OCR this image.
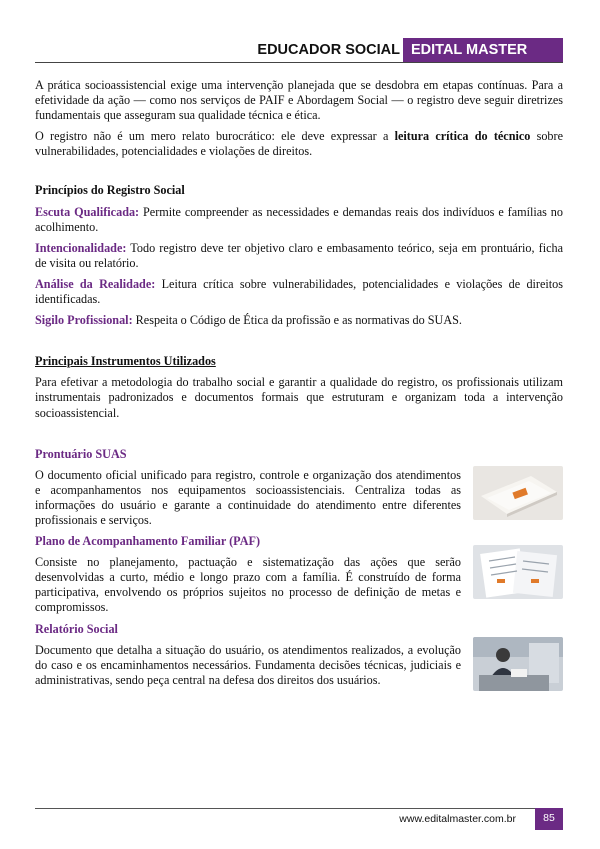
EDUCADOR SOCIAL EDITAL MASTER

A prática socioassistencial exige uma intervenção planejada que se desdobra em etapas contínuas. Para a efetividade da ação — como nos serviços de PAIF e Abordagem Social — o registro deve seguir diretrizes fundamentais que asseguram sua qualidade técnica e ética.

O registro não é um mero relato burocrático: ele deve expressar a leitura crítica do técnico sobre vulnerabilidades, potencialidades e violações de direitos.

Princípios do Registro Social

Escuta Qualificada: Permite compreender as necessidades e demandas reais dos indivíduos e famílias no acolhimento.

Intencionalidade: Todo registro deve ter objetivo claro e embasamento teórico, seja em prontuário, ficha de visita ou relatório.

Análise da Realidade: Leitura crítica sobre vulnerabilidades, potencialidades e violações de direitos identificadas.

Sigilo Profissional: Respeita o Código de Ética da profissão e as normativas do SUAS.

Principais Instrumentos Utilizados

Para efetivar a metodologia do trabalho social e garantir a qualidade do registro, os profissionais utilizam instrumentais padronizados e documentos formais que estruturam e organizam toda a intervenção socioassistencial.

Prontuário SUAS

O documento oficial unificado para registro, controle e organização dos atendimentos e acompanhamentos nos equipamentos socioassistenciais. Centraliza todas as informações do usuário e garante a continuidade do atendimento entre diferentes profissionais e serviços.

Plano de Acompanhamento Familiar (PAF)

Consiste no planejamento, pactuação e sistematização das ações que serão desenvolvidas a curto, médio e longo prazo com a família. É construído de forma participativa, envolvendo os próprios sujeitos no processo de definição de metas e compromissos.

Relatório Social

Documento que detalha a situação do usuário, os atendimentos realizados, a evolução do caso e os encaminhamentos necessários. Fundamenta decisões técnicas, judiciais e administrativas, sendo peça central na defesa dos direitos dos usuários.

www.editalmaster.com.br	85
